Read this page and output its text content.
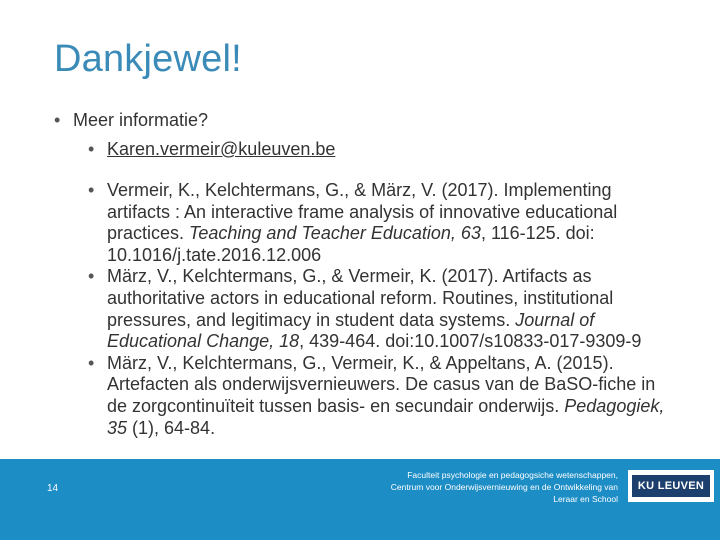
Dankjewel!
• Meer informatie?
• Karen.vermeir@kuleuven.be
• Vermeir, K., Kelchtermans, G., & März, V. (2017). Implementing artifacts : An interactive frame analysis of innovative educational practices. Teaching and Teacher Education, 63, 116-125. doi: 10.1016/j.tate.2016.12.006
• März, V., Kelchtermans, G., & Vermeir, K. (2017). Artifacts as authoritative actors in educational reform. Routines, institutional pressures, and legitimacy in student data systems. Journal of Educational Change, 18, 439-464. doi:10.1007/s10833-017-9309-9
• März, V., Kelchtermans, G., Vermeir, K., & Appeltans, A. (2015). Artefacten als onderwijsvernieuwers. De casus van de BaSO-fiche in de zorgcontinuïteit tussen basis- en secundair onderwijs. Pedagogiek, 35 (1), 64-84.
14
Faculteit psychologie en pedagogsiche wetenschappen,
Centrum voor Onderwijsvernieuwing en de Ontwikkeling van
Leraar en School
KU LEUVEN
